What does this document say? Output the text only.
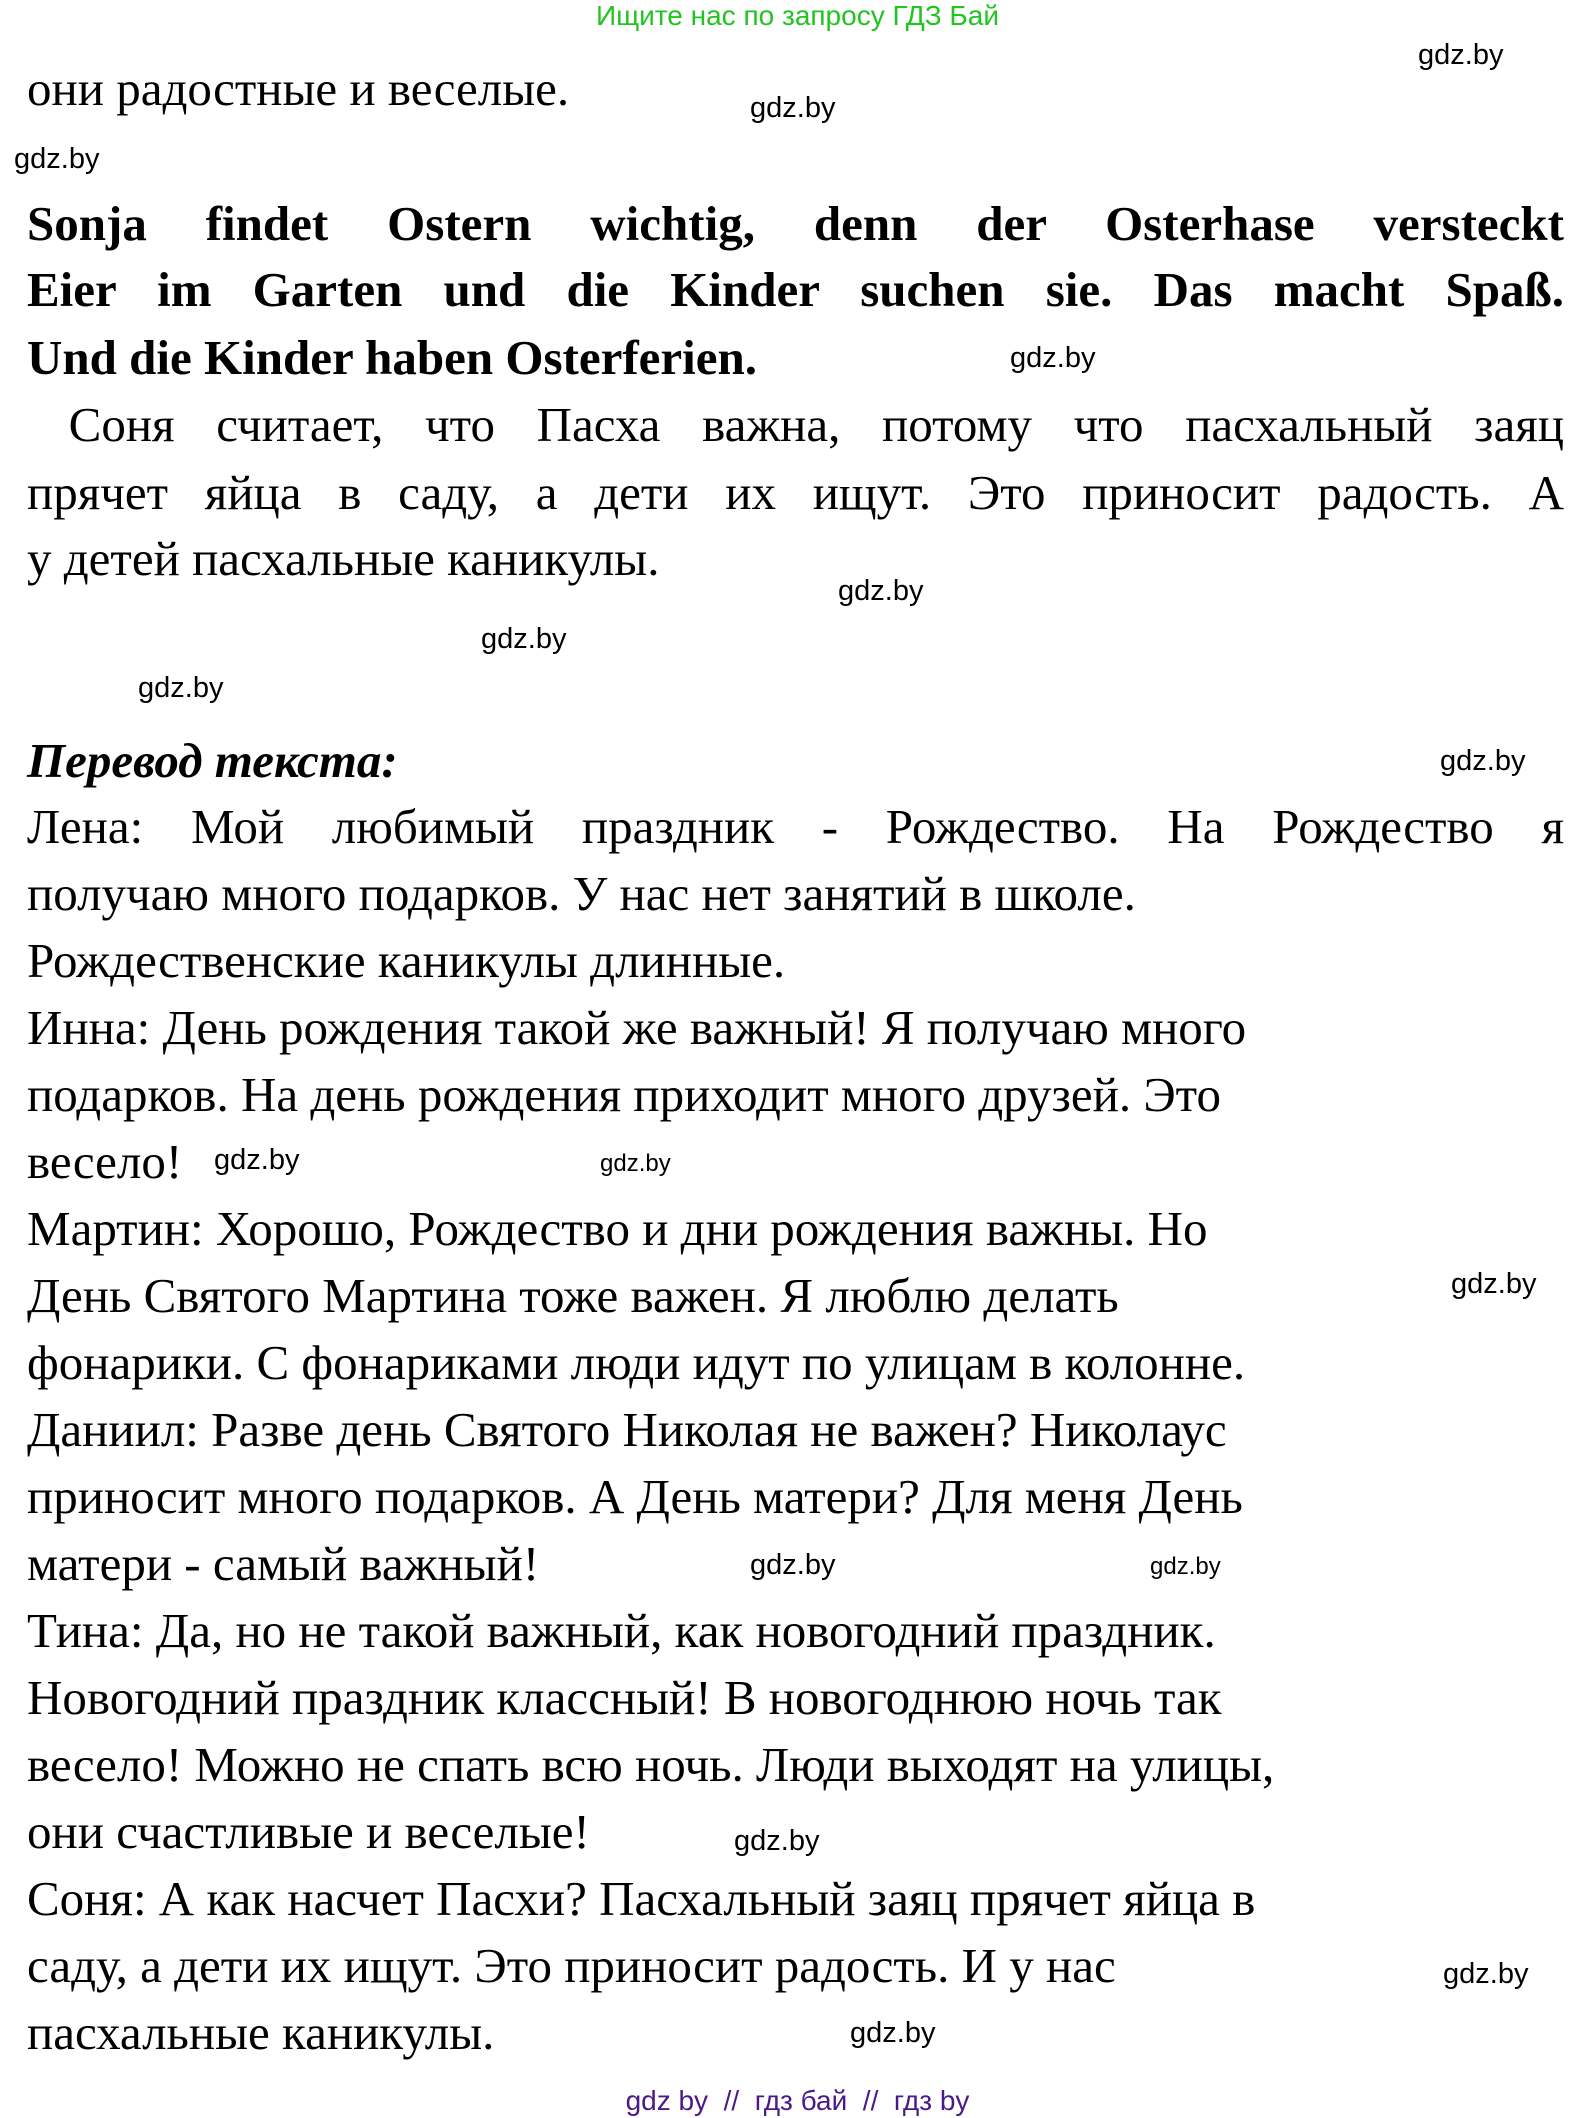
Ищите нас по запросу ГДЗ Бай
они радостные и веселые.
Sonja findet Ostern wichtig, denn der Osterhase versteckt
Eier im Garten und die Kinder suchen sie. Das macht Spaß.
Und die Kinder haben Osterferien.
Соня считает, что Пасха важна, потому что пасхальный заяц
прячет яйца в саду, а дети их ищут. Это приносит радость. А
у детей пасхальные каникулы.
Перевод текста:
Лена: Мой любимый праздник - Рождество. На Рождество я
получаю много подарков. У нас нет занятий в школе.
Рождественские каникулы длинные.
Инна: День рождения такой же важный! Я получаю много
подарков. На день рождения приходит много друзей. Это
весело!
Мартин: Хорошо, Рождество и дни рождения важны. Но
День Святого Мартина тоже важен. Я люблю делать
фонарики. С фонариками люди идут по улицам в колонне.
Даниил: Разве день Святого Николая не важен? Николаус
приносит много подарков. А День матери? Для меня День
матери - самый важный!
Тина: Да, но не такой важный, как новогодний праздник.
Новогодний праздник классный! В новогоднюю ночь так
весело! Можно не спать всю ночь. Люди выходят на улицы,
они счастливые и веселые!
Соня: А как насчет Пасхи? Пасхальный заяц прячет яйца в
саду, а дети их ищут. Это приносит радость. И у нас
пасхальные каникулы.
gdz.by
gdz.by
gdz.by
gdz.by
gdz.by
gdz.by
gdz.by
gdz.by
gdz.by
gdz.by
gdz.by
gdz.by	gdz.by
gdz.by
gdz.by
gdz.by
gdz by  //  гдз бай  //  гдз by
